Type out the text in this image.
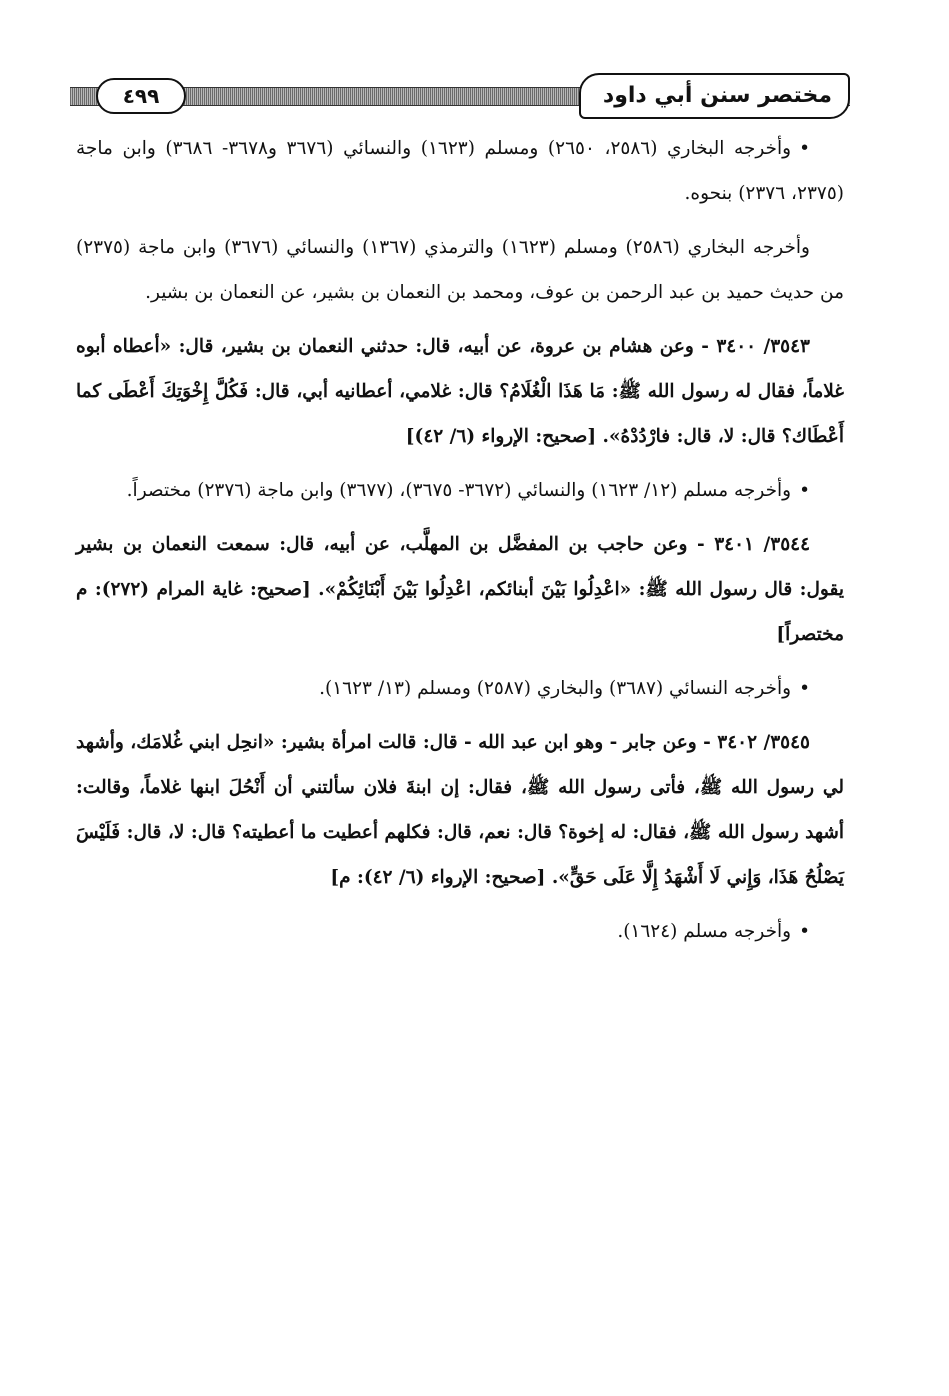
مختصر سنن أبي داود
٤٩٩

•وأخرجه البخاري (٢٥٨٦، ٢٦٥٠) ومسلم (١٦٢٣) والنسائي (٣٦٧٦ و٣٦٧٨- ٣٦٨٦) وابن ماجة (٢٣٧٥، ٢٣٧٦) بنحوه.

وأخرجه البخاري (٢٥٨٦) ومسلم (١٦٢٣) والترمذي (١٣٦٧) والنسائي (٣٦٧٦) وابن ماجة (٢٣٧٥) من حديث حميد بن عبد الرحمن بن عوف، ومحمد بن النعمان بن بشير، عن النعمان بن بشير.

٣٥٤٣/ ٣٤٠٠ - وعن هشام بن عروة، عن أبيه، قال: حدثني النعمان بن بشير، قال: «أعطاه أبوه غلاماً، فقال له رسول الله ﷺ: مَا هَذَا الْغُلَامُ؟ قال: غلامي، أعطانيه أبي، قال: فَكُلَّ إِخْوَتِكَ أَعْطَى كما أَعْطَاك؟ قال: لا، قال: فارْدُدْهُ». [صحيح: الإرواء (٦/ ٤٢)]

•وأخرجه مسلم (١٢/ ١٦٢٣) والنسائي (٣٦٧٢- ٣٦٧٥)، (٣٦٧٧) وابن ماجة (٢٣٧٦) مختصراً.

٣٥٤٤/ ٣٤٠١ - وعن حاجب بن المفضَّل بن المهلَّب، عن أبيه، قال: سمعت النعمان بن بشير يقول: قال رسول الله ﷺ: «اعْدِلُوا بَيْنَ أبنائكم، اعْدِلُوا بَيْنَ أَبْنَائِكُمْ». [صحيح: غاية المرام (٢٧٢): م مختصراً]

•وأخرجه النسائي (٣٦٨٧) والبخاري (٢٥٨٧) ومسلم (١٣/ ١٦٢٣).

٣٥٤٥/ ٣٤٠٢ - وعن جابر - وهو ابن عبد الله - قال: قالت امرأة بشير: «انحِل ابني غُلامَك، وأشهد لي رسول الله ﷺ، فأتى رسول الله ﷺ، فقال: إن ابنةَ فلان سألتني أن أَنْحُلَ ابنها غلاماً، وقالت: أشهد رسول الله ﷺ، فقال: له إخوة؟ قال: نعم، قال: فكلهم أعطيت ما أعطيته؟ قال: لا، قال: فَلَيْسَ يَصْلُحُ هَذَا، وَإِني لَا أَشْهَدُ إِلَّا عَلَى حَقٍّ». [صحيح: الإرواء (٦/ ٤٢): م]

•وأخرجه مسلم (١٦٢٤).
